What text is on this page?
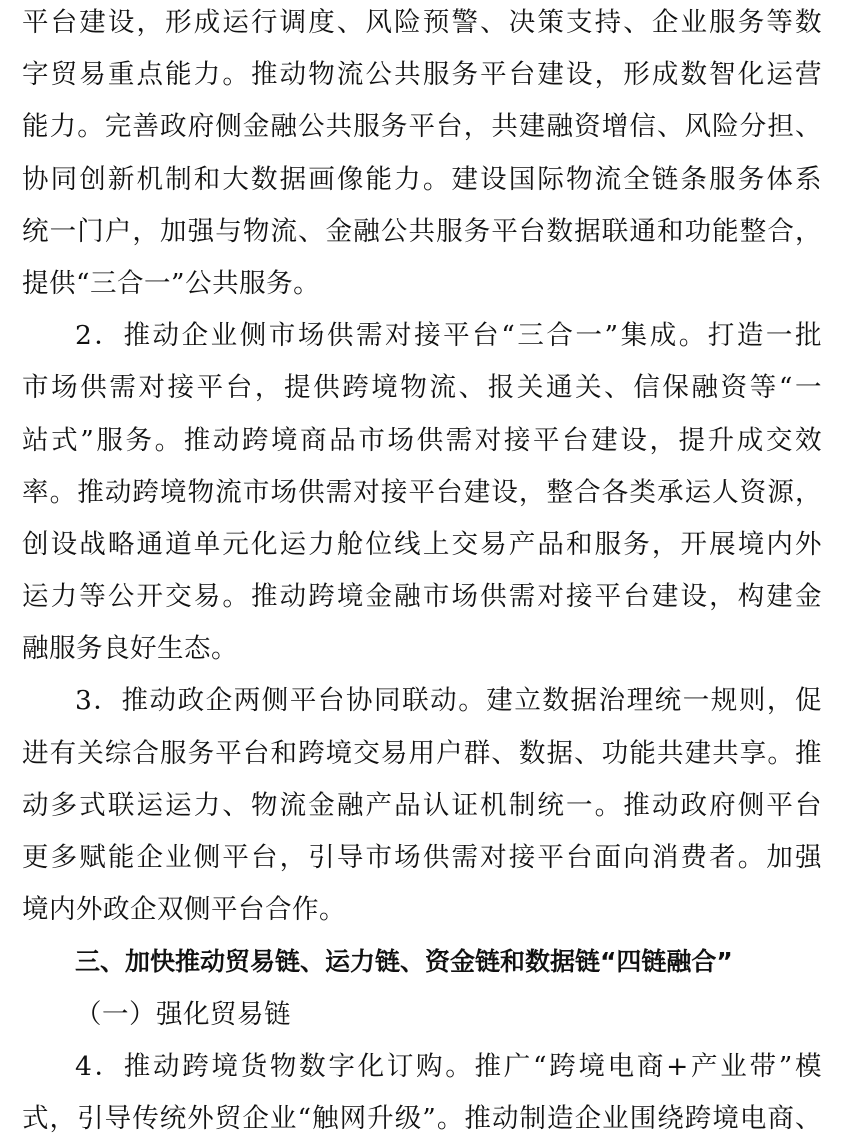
平台建设，形成运行调度、风险预警、决策支持、企业服务等数
字贸易重点能力。推动物流公共服务平台建设，形成数智化运营
能力。完善政府侧金融公共服务平台，共建融资增信、风险分担、
协同创新机制和大数据画像能力。建设国际物流全链条服务体系
统一门户，加强与物流、金融公共服务平台数据联通和功能整合，
提供“三合一”公共服务。
2．推动企业侧市场供需对接平台“三合一”集成。打造一批
市场供需对接平台，提供跨境物流、报关通关、信保融资等“一
站式”服务。推动跨境商品市场供需对接平台建设，提升成交效
率。推动跨境物流市场供需对接平台建设，整合各类承运人资源，
创设战略通道单元化运力舱位线上交易产品和服务，开展境内外
运力等公开交易。推动跨境金融市场供需对接平台建设，构建金
融服务良好生态。
3．推动政企两侧平台协同联动。建立数据治理统一规则，促
进有关综合服务平台和跨境交易用户群、数据、功能共建共享。推
动多式联运运力、物流金融产品认证机制统一。推动政府侧平台
更多赋能企业侧平台，引导市场供需对接平台面向消费者。加强
境内外政企双侧平台合作。
三、加快推动贸易链、运力链、资金链和数据链“四链融合”
（一）强化贸易链
4．推动跨境货物数字化订购。推广“跨境电商+产业带”模
式，引导传统外贸企业“触网升级”。推动制造企业围绕跨境电商、
